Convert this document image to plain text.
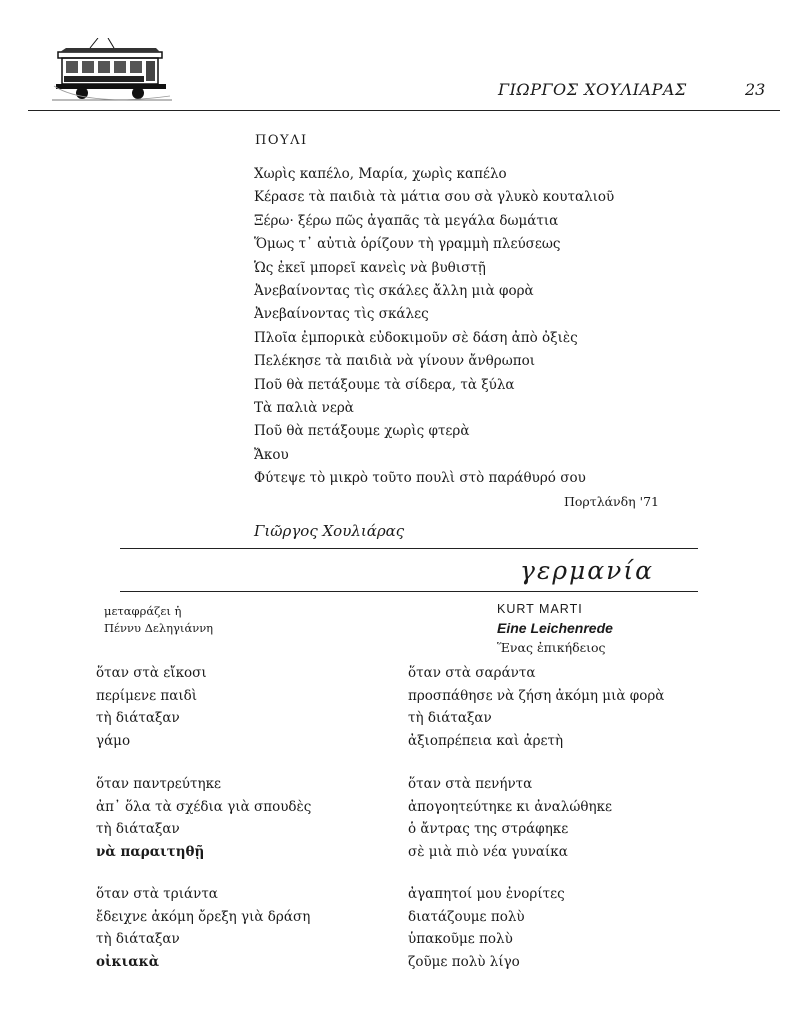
ΓΙΩΡΓΟΣ ΧΟΥΛΙΑΡΑΣ	23
ΠΟΥΛΙ
Χωρὶς καπέλο, Μαρία, χωρὶς καπέλο
Κέρασε τὰ παιδιὰ τὰ μάτια σου σὰ γλυκὸ κουταλιοῦ
Ξέρω· ξέρω πῶς ἀγαπᾶς τὰ μεγάλα δωμάτια
Ὅμως τ᾽ αὐτιὰ ὁρίζουν τὴ γραμμὴ πλεύσεως
Ὡς ἐκεῖ μπορεῖ κανεὶς νὰ βυθιστῇ
Ἀνεβαίνοντας τὶς σκάλες ἄλλη μιὰ φορὰ
Ἀνεβαίνοντας τὶς σκάλες
Πλοῖα ἐμπορικὰ εὐδοκιμοῦν σὲ δάση ἀπὸ ὀξιὲς
Πελέκησε τὰ παιδιὰ νὰ γίνουν ἄνθρωποι
Ποῦ θὰ πετάξουμε τὰ σίδερα, τὰ ξύλα
Τὰ παλιὰ νερὰ
Ποῦ θὰ πετάξουμε χωρὶς φτερὰ
Ἄκου
Φύτεψε τὸ μικρὸ τοῦτο πουλὶ στὸ παράθυρό σου
Πορτλάνδη '71
Γιῶργος Χουλιάρας
γερμανία
μεταφράζει ἡ
Πέννυ Δεληγιάννη
KURT MARTI
Eine Leichenrede
Ἕνας ἐπικήδειος
ὅταν στὰ εἴκοσι
περίμενε παιδὶ
τὴ διάταξαν
γάμο
ὅταν παντρεύτηκε
ἀπ᾽ ὅλα τὰ σχέδια γιὰ σπουδὲς
τὴ διάταξαν
νὰ παραιτηθῇ
ὅταν στὰ τριάντα
ἔδειχνε ἀκόμη ὄρεξη γιὰ δράση
τὴ διάταξαν
οἰκιακὰ
ὅταν στὰ σαράντα
προσπάθησε νὰ ζήση ἀκόμη μιὰ φορὰ
τὴ διάταξαν
ἀξιοπρέπεια καὶ ἀρετὴ
ὅταν στὰ πενήντα
ἀπογοητεύτηκε κι ἀναλώθηκε
ὁ ἄντρας της στράφηκε
σὲ μιὰ πιὸ νέα γυναίκα
ἀγαπητοί μου ἐνορίτες
διατάζουμε πολὺ
ὑπακοῦμε πολὺ
ζοῦμε πολὺ λίγο
